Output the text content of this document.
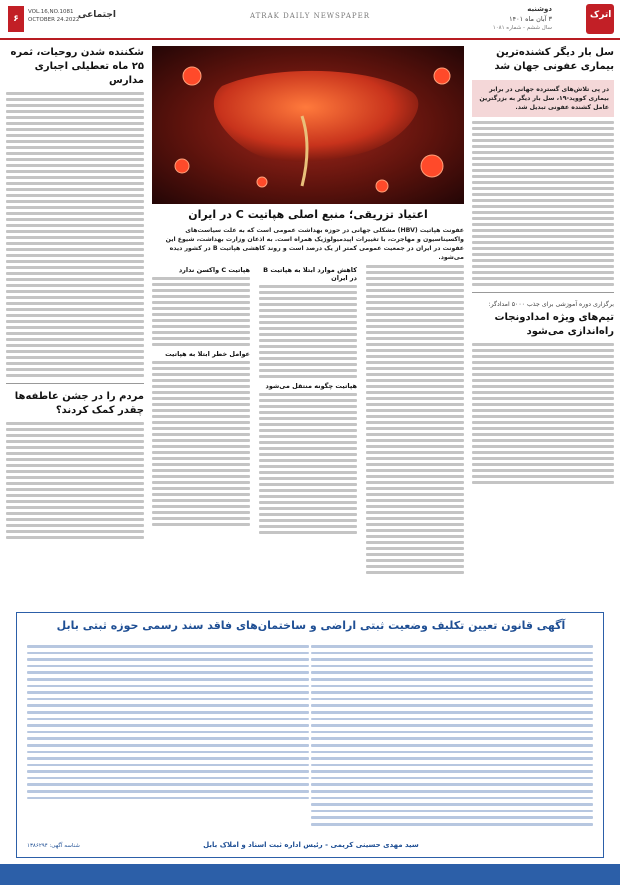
اترک
دوشنبه
۳ آبان ماه ۱۴۰۱
سال ششم - شماره ۱۰۸۱
ATRAK DAILY NEWSPAPER
۶
VOL.16,NO.1081
OCTOBER 24.2022
اجتماعی
شکننده شدن روحیات، ثمره ۲۵ ماه تعطیلی اجباری مدارس
مردم را در جشن عاطفه‌ها چقدر کمک کردند؟
اعتیاد تزریقی؛ منبع اصلی هپاتیت C در ایران
عفونت هپاتیت (HBV) مشکلی جهانی در حوزه بهداشت عمومی است که به علت سیاست‌های واکسیناسیون و مهاجرت، با تغییرات اپیدمیولوژیک همراه است. به اذعان وزارت بهداشت، شیوع این عفونت در ایران در جمعیت عمومی کمتر از یک درصد است و روند کاهشی هپاتیت B در کشور دیده می‌شود.
کاهش موارد ابتلا به هپاتیت B در ایران
هپاتیت چگونه منتقل می‌شود
هپاتیت C واکسن ندارد
عوامل خطر ابتلا به هپاتیت
سل بار دیگر کشنده‌ترین بیماری عفونی جهان شد
در پی تلاش‌های گسترده جهانی در برابر بیماری کووید-۱۹، سل بار دیگر به بزرگترین عامل کشنده عفونی تبدیل شد.
برگزاری دوره آموزشی برای جذب ۵۰۰۰ امدادگر:
تیم‌های ویژه امدادونجات راه‌اندازی می‌شود
آگهی قانون تعیین تکلیف وضعیت ثبتی اراضی و ساختمان‌های فاقد سند رسمی حوزه ثبتی بابل
سید مهدی حسینی کریمی - رئیس اداره ثبت اسناد و املاک بابل
شناسه آگهی: ۱۳۸۶۲۹۴
